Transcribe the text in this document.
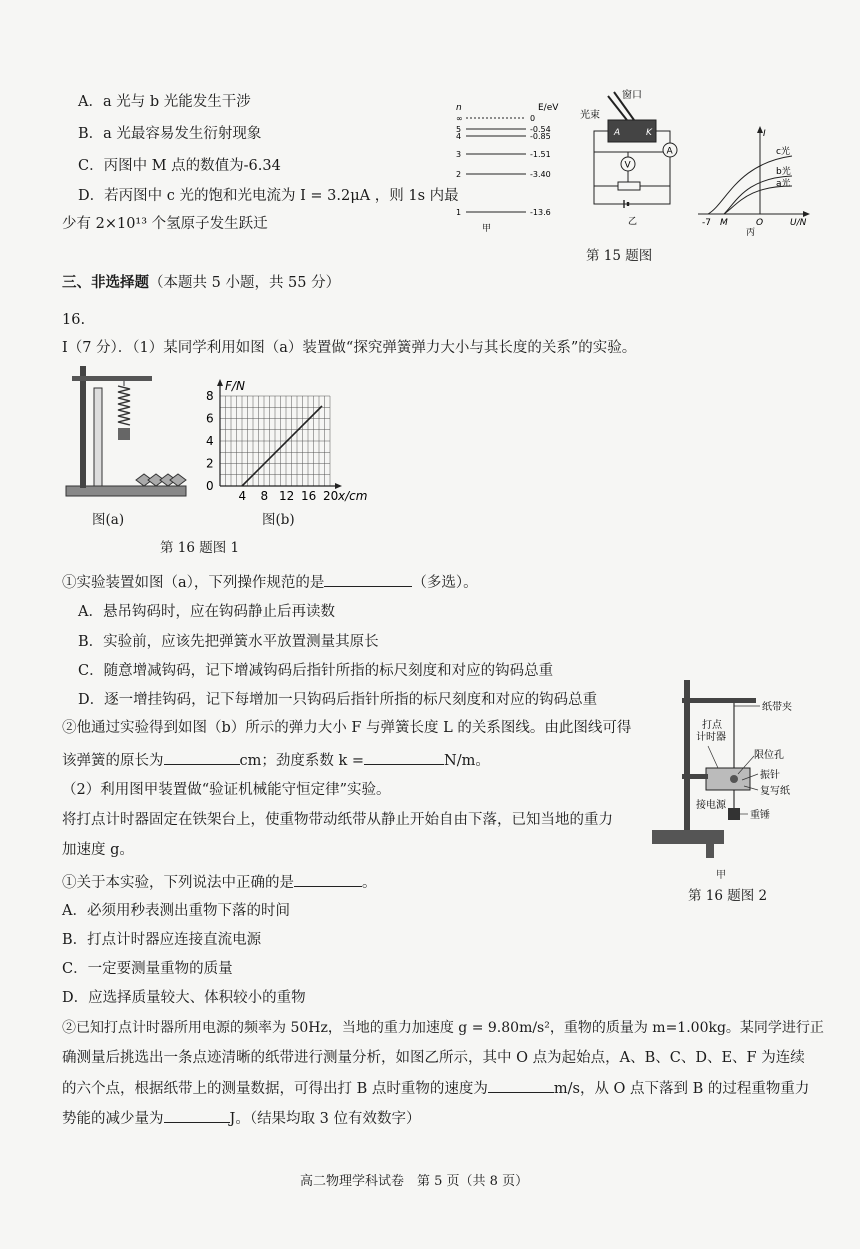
A．a 光与 b 光能发生干涉
B．a 光最容易发生衍射现象
C．丙图中 M 点的数值为-6.34
D．若丙图中 c 光的饱和光电流为 I = 3.2μA ，则 1s 内最
少有 2×10¹³ 个氢原子发生跃迁
n	E/eV
∞	0
5	-0.54
4	-0.85
3	-1.51
2	-3.40
1	-13.6
甲
窗口
光束
A	K
V
A
乙
I
c光
b光
a光
-7 M	O	U/N
丙
第 15 题图
三、非选择题（本题共 5 小题，共 55 分）
16.
Ⅰ（7 分）．（1）某同学利用如图（a）装置做“探究弹簧弹力大小与其长度的关系”的实验。
图(a)
第 16 题图 1
F/N
x/cm
0
2
4
6
8
4 8 12 16 20
图(b)
①实验装置如图（a），下列操作规范的是	（多选）。
A．悬吊钩码时，应在钩码静止后再读数
B．实验前，应该先把弹簧水平放置测量其原长
C．随意增减钩码，记下增减钩码后指针所指的标尺刻度和对应的钩码总重
D．逐一增挂钩码，记下每增加一只钩码后指针所指的标尺刻度和对应的钩码总重
②他通过实验得到如图（b）所示的弹力大小 F 与弹簧长度 L 的关系图线。由此图线可得
该弹簧的原长为	cm；劲度系数 k =	N/m。
（2）利用图甲装置做“验证机械能守恒定律”实验。
将打点计时器固定在铁架台上，使重物带动纸带从静止开始自由下落，已知当地的重力
加速度 g。
①关于本实验，下列说法中正确的是	。
A．必须用秒表测出重物下落的时间
B．打点计时器应连接直流电源
C．一定要测量重物的质量
D．应选择质量较大、体积较小的重物
②已知打点计时器所用电源的频率为 50Hz，当地的重力加速度 g = 9.80m/s²，重物的质量为 m=1.00kg。某同学进行正
确测量后挑选出一条点迹清晰的纸带进行测量分析，如图乙所示，其中 O 点为起始点，A、B、C、D、E、F 为连续
的六个点，根据纸带上的测量数据，可得出打 B 点时重物的速度为	m/s，从 O 点下落到 B 的过程重物重力
势能的减少量为	J。（结果均取 3 位有效数字）
纸带夹
打点
计时器
限位孔
振针
复写纸
接电源
重锤
甲
第 16 题图 2
高二物理学科试卷　第 5 页（共 8 页）
